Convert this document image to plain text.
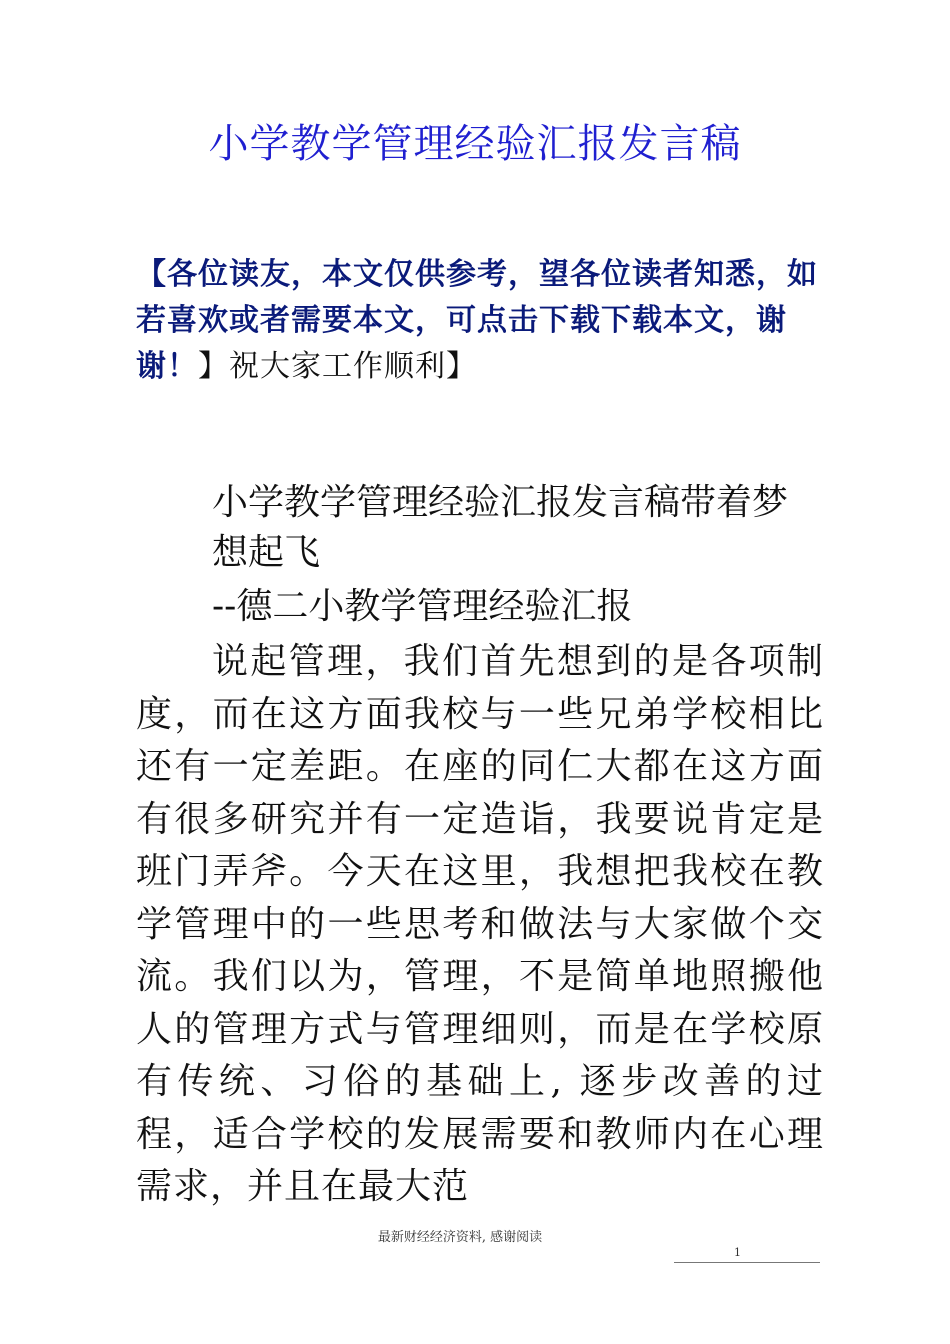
小学教学管理经验汇报发言稿
【各位读友，本文仅供参考，望各位读者知悉，如若喜欢或者需要本文，可点击下载下载本文，谢谢！】祝大家工作顺利】
小学教学管理经验汇报发言稿带着梦想起飞
--德二小教学管理经验汇报
说起管理，我们首先想到的是各项制度，而在这方面我校与一些兄弟学校相比还有一定差距。在座的同仁大都在这方面有很多研究并有一定造诣，我要说肯定是班门弄斧。今天在这里，我想把我校在教学管理中的一些思考和做法与大家做个交流。我们以为，管理，不是简单地照搬他人的管理方式与管理细则，而是在学校原有传统、习俗的基础上, 逐步改善的过程，适合学校的发展需要和教师内在心理需求，并且在最大范
最新财经经济资料, 感谢阅读
1
